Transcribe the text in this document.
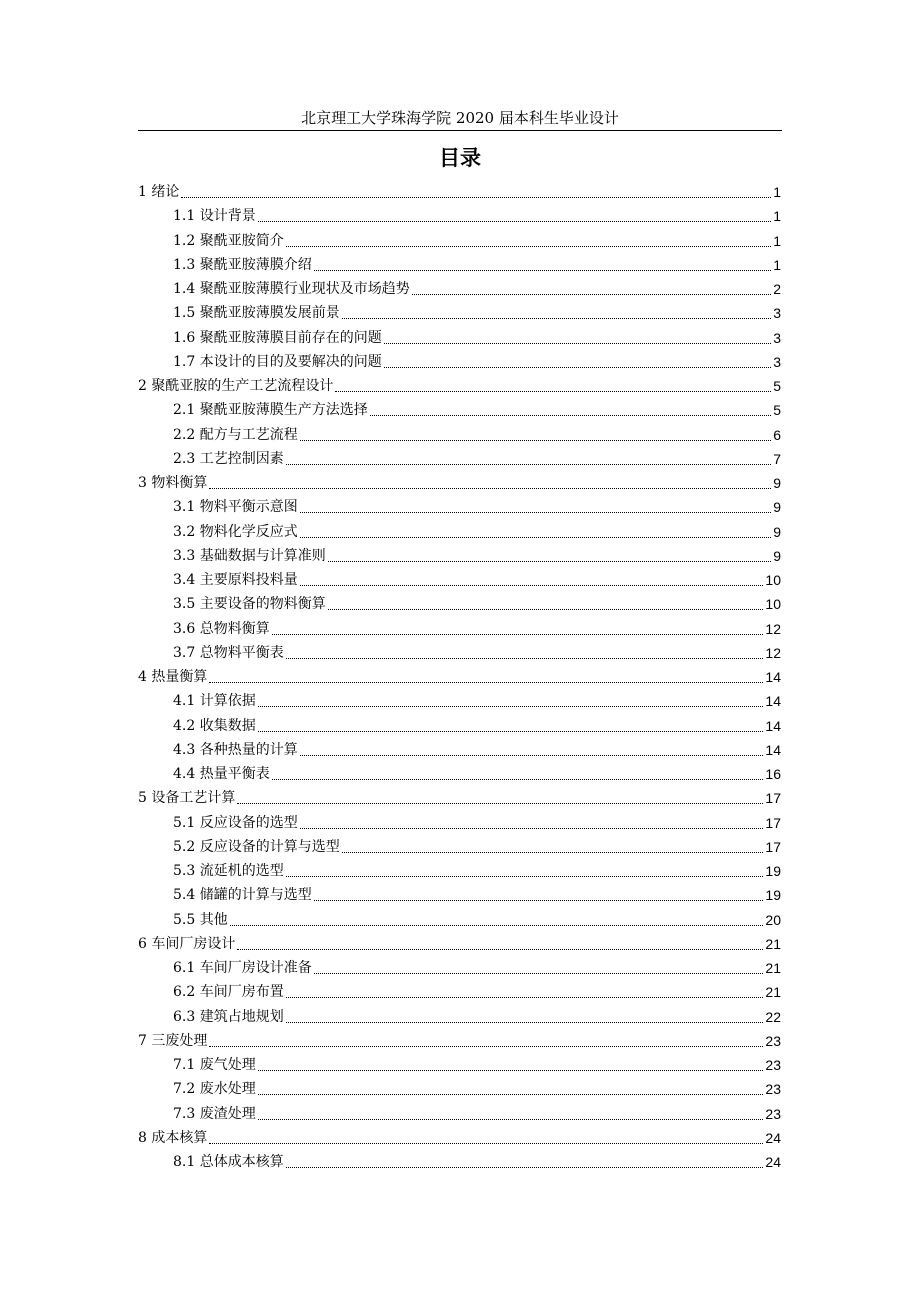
北京理工大学珠海学院 2020 届本科生毕业设计
目录
1 绪论	1
1.1 设计背景	1
1.2 聚酰亚胺简介	1
1.3 聚酰亚胺薄膜介绍	1
1.4 聚酰亚胺薄膜行业现状及市场趋势	2
1.5 聚酰亚胺薄膜发展前景	3
1.6 聚酰亚胺薄膜目前存在的问题	3
1.7 本设计的目的及要解决的问题	3
2 聚酰亚胺的生产工艺流程设计	5
2.1 聚酰亚胺薄膜生产方法选择	5
2.2 配方与工艺流程	6
2.3 工艺控制因素	7
3 物料衡算	9
3.1 物料平衡示意图	9
3.2 物料化学反应式	9
3.3 基础数据与计算准则	9
3.4 主要原料投料量	10
3.5 主要设备的物料衡算	10
3.6 总物料衡算	12
3.7 总物料平衡表	12
4 热量衡算	14
4.1 计算依据	14
4.2 收集数据	14
4.3 各种热量的计算	14
4.4 热量平衡表	16
5 设备工艺计算	17
5.1 反应设备的选型	17
5.2 反应设备的计算与选型	17
5.3 流延机的选型	19
5.4 储罐的计算与选型	19
5.5 其他	20
6 车间厂房设计	21
6.1 车间厂房设计准备	21
6.2 车间厂房布置	21
6.3 建筑占地规划	22
7 三废处理	23
7.1 废气处理	23
7.2 废水处理	23
7.3 废渣处理	23
8 成本核算	24
8.1 总体成本核算	24
